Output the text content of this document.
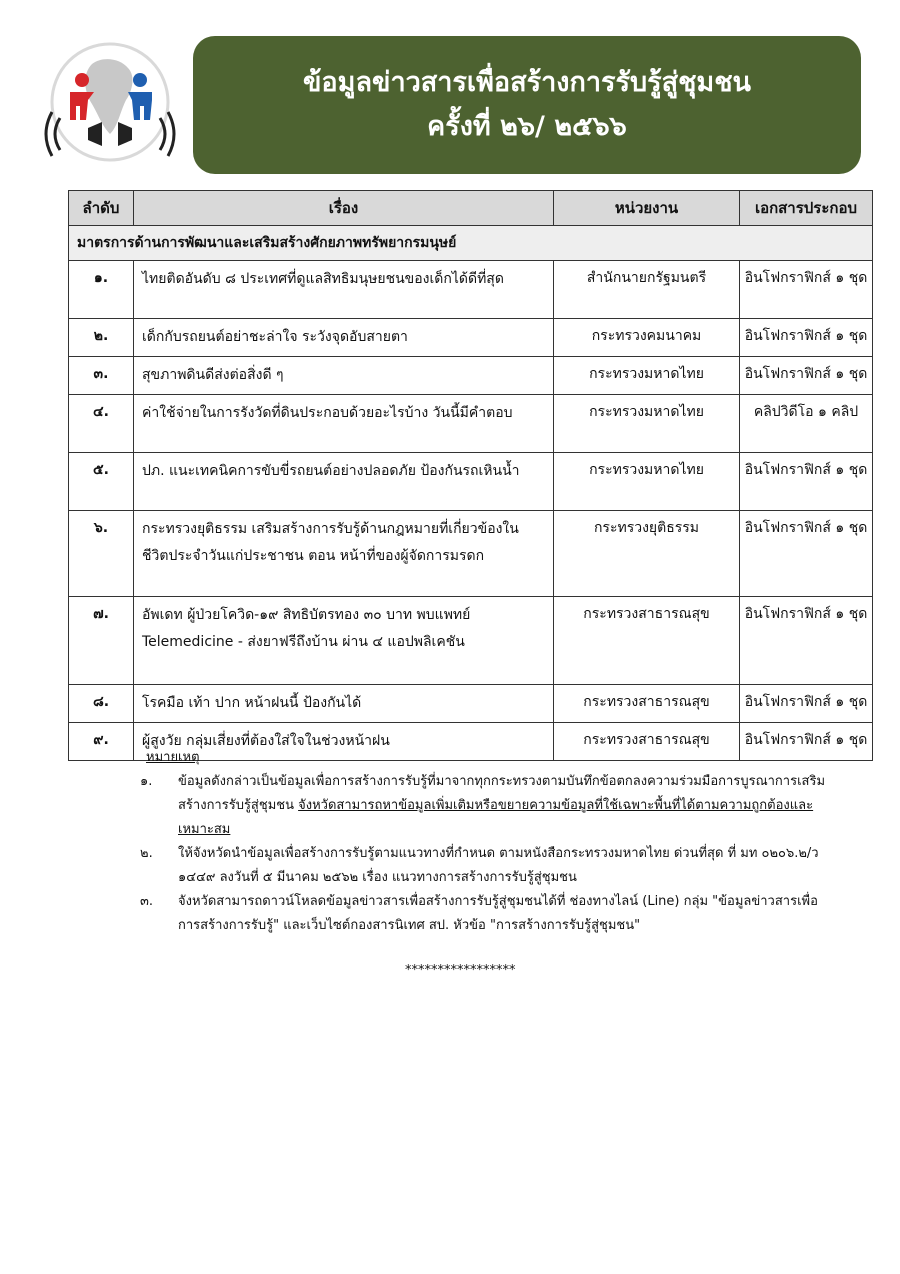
ข้อมูลข่าวสารเพื่อสร้างการรับรู้สู่ชุมชน
ครั้งที่ ๒๖/ ๒๕๖๖
ลำดับ	เรื่อง	หน่วยงาน	เอกสารประกอบ
มาตรการด้านการพัฒนาและเสริมสร้างศักยภาพทรัพยากรมนุษย์			
๑.	ไทยติดอันดับ ๘ ประเทศที่ดูแลสิทธิมนุษยชนของเด็กได้ดีที่สุด	สำนักนายกรัฐมนตรี	อินโฟกราฟิกส์ ๑ ชุด
๒.	เด็กกับรถยนต์อย่าชะล่าใจ ระวังจุดอับสายตา	กระทรวงคมนาคม	อินโฟกราฟิกส์ ๑ ชุด
๓.	สุขภาพดินดีส่งต่อสิ่งดี ๆ	กระทรวงมหาดไทย	อินโฟกราฟิกส์ ๑ ชุด
๔.	ค่าใช้จ่ายในการรังวัดที่ดินประกอบด้วยอะไรบ้าง วันนี้มีคำตอบ	กระทรวงมหาดไทย	คลิปวิดีโอ ๑ คลิป
๕.	ปภ. แนะเทคนิคการขับขี่รถยนต์อย่างปลอดภัย ป้องกันรถเหินน้ำ	กระทรวงมหาดไทย	อินโฟกราฟิกส์ ๑ ชุด
๖.	กระทรวงยุติธรรม เสริมสร้างการรับรู้ด้านกฎหมายที่เกี่ยวข้องในชีวิตประจำวันแก่ประชาชน ตอน หน้าที่ของผู้จัดการมรดก	กระทรวงยุติธรรม	อินโฟกราฟิกส์ ๑ ชุด
๗.	อัพเดท ผู้ป่วยโควิด-๑๙ สิทธิบัตรทอง ๓๐ บาท พบแพทย์ Telemedicine - ส่งยาฟรีถึงบ้าน ผ่าน ๔ แอปพลิเคชัน	กระทรวงสาธารณสุข	อินโฟกราฟิกส์ ๑ ชุด
๘.	โรคมือ เท้า ปาก หน้าฝนนี้ ป้องกันได้	กระทรวงสาธารณสุข	อินโฟกราฟิกส์ ๑ ชุด
๙.	ผู้สูงวัย กลุ่มเสี่ยงที่ต้องใส่ใจในช่วงหน้าฝน	กระทรวงสาธารณสุข	อินโฟกราฟิกส์ ๑ ชุด
หมายเหตุ
๑.	ข้อมูลดังกล่าวเป็นข้อมูลเพื่อการสร้างการรับรู้ที่มาจากทุกกระทรวงตามบันทึกข้อตกลงความร่วมมือการบูรณาการเสริมสร้างการรับรู้สู่ชุมชน จังหวัดสามารถหาข้อมูลเพิ่มเติมหรือขยายความข้อมูลที่ใช้เฉพาะพื้นที่ได้ตามความถูกต้องและเหมาะสม
๒.	ให้จังหวัดนำข้อมูลเพื่อสร้างการรับรู้ตามแนวทางที่กำหนด ตามหนังสือกระทรวงมหาดไทย ด่วนที่สุด ที่ มท ๐๒๐๖.๒/ว ๑๔๔๙ ลงวันที่ ๕ มีนาคม ๒๕๖๒ เรื่อง แนวทางการสร้างการรับรู้สู่ชุมชน
๓.	จังหวัดสามารถดาวน์โหลดข้อมูลข่าวสารเพื่อสร้างการรับรู้สู่ชุมชนได้ที่ ช่องทางไลน์ (Line) กลุ่ม "ข้อมูลข่าวสารเพื่อการสร้างการรับรู้" และเว็บไซต์กองสารนิเทศ สป. หัวข้อ "การสร้างการรับรู้สู่ชุมชน"
*****************
